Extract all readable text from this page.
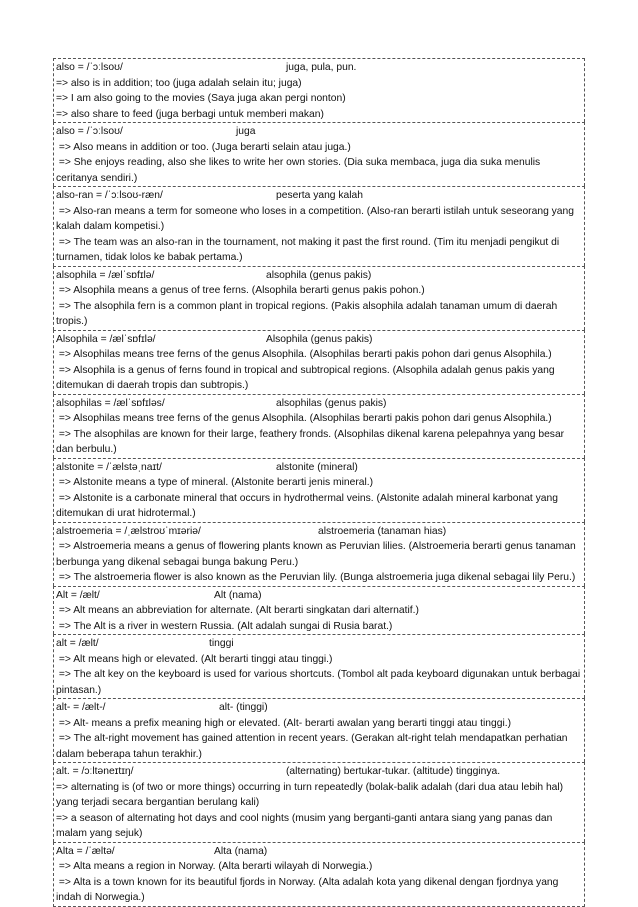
also = /ˈɔːlsoʊ/	juga, pula, pun.
=> also is in addition; too (juga adalah selain itu; juga)
=> I am also going to the movies (Saya juga akan pergi nonton)
=> also share to feed (juga berbagi untuk memberi makan)
also = /ˈɔːlsoʊ/	juga
=> Also means in addition or too. (Juga berarti selain atau juga.)
=> She enjoys reading, also she likes to write her own stories. (Dia suka membaca, juga dia suka menulis ceritanya sendiri.)
also-ran = /ˈɔːlsoʊ-ræn/	peserta yang kalah
=> Also-ran means a term for someone who loses in a competition. (Also-ran berarti istilah untuk seseorang yang kalah dalam kompetisi.)
=> The team was an also-ran in the tournament, not making it past the first round. (Tim itu menjadi pengikut di turnamen, tidak lolos ke babak pertama.)
alsophila = /ælˈsɒfɪlə/	alsophila (genus pakis)
=> Alsophila means a genus of tree ferns. (Alsophila berarti genus pakis pohon.)
=> The alsophila fern is a common plant in tropical regions. (Pakis alsophila adalah tanaman umum di daerah tropis.)
Alsophila = /ælˈsɒfɪlə/	Alsophila (genus pakis)
=> Alsophilas means tree ferns of the genus Alsophila. (Alsophilas berarti pakis pohon dari genus Alsophila.)
=> Alsophila is a genus of ferns found in tropical and subtropical regions. (Alsophila adalah genus pakis yang ditemukan di daerah tropis dan subtropis.)
alsophilas = /ælˈsɒfɪləs/	alsophilas (genus pakis)
=> Alsophilas means tree ferns of the genus Alsophila. (Alsophilas berarti pakis pohon dari genus Alsophila.)
=> The alsophilas are known for their large, feathery fronds. (Alsophilas dikenal karena pelepahnya yang besar dan berbulu.)
alstonite = /ˈælstəˌnaɪt/	alstonite (mineral)
=> Alstonite means a type of mineral. (Alstonite berarti jenis mineral.)
=> Alstonite is a carbonate mineral that occurs in hydrothermal veins. (Alstonite adalah mineral karbonat yang ditemukan di urat hidrotermal.)
alstroemeria = /ˌælstroʊˈmɪəriə/	alstroemeria (tanaman hias)
=> Alstroemeria means a genus of flowering plants known as Peruvian lilies. (Alstroemeria berarti genus tanaman berbunga yang dikenal sebagai bunga bakung Peru.)
=> The alstroemeria flower is also known as the Peruvian lily. (Bunga alstroemeria juga dikenal sebagai lily Peru.)
Alt = /ælt/	Alt (nama)
=> Alt means an abbreviation for alternate. (Alt berarti singkatan dari alternatif.)
=> The Alt is a river in western Russia. (Alt adalah sungai di Rusia barat.)
alt = /ælt/	tinggi
=> Alt means high or elevated. (Alt berarti tinggi atau tinggi.)
=> The alt key on the keyboard is used for various shortcuts. (Tombol alt pada keyboard digunakan untuk berbagai pintasan.)
alt- = /ælt-/	alt- (tinggi)
=> Alt- means a prefix meaning high or elevated. (Alt- berarti awalan yang berarti tinggi atau tinggi.)
=> The alt-right movement has gained attention in recent years. (Gerakan alt-right telah mendapatkan perhatian dalam beberapa tahun terakhir.)
alt. = /ɔːltəneɪtɪŋ/	(alternating) bertukar-tukar. (altitude) tingginya.
=> alternating is (of two or more things) occurring in turn repeatedly (bolak-balik adalah (dari dua atau lebih hal) yang terjadi secara bergantian berulang kali)
=> a season of alternating hot days and cool nights (musim yang berganti-ganti antara siang yang panas dan malam yang sejuk)
Alta = /ˈæltə/	Alta (nama)
=> Alta means a region in Norway. (Alta berarti wilayah di Norwegia.)
=> Alta is a town known for its beautiful fjords in Norway. (Alta adalah kota yang dikenal dengan fjordnya yang indah di Norwegia.)
